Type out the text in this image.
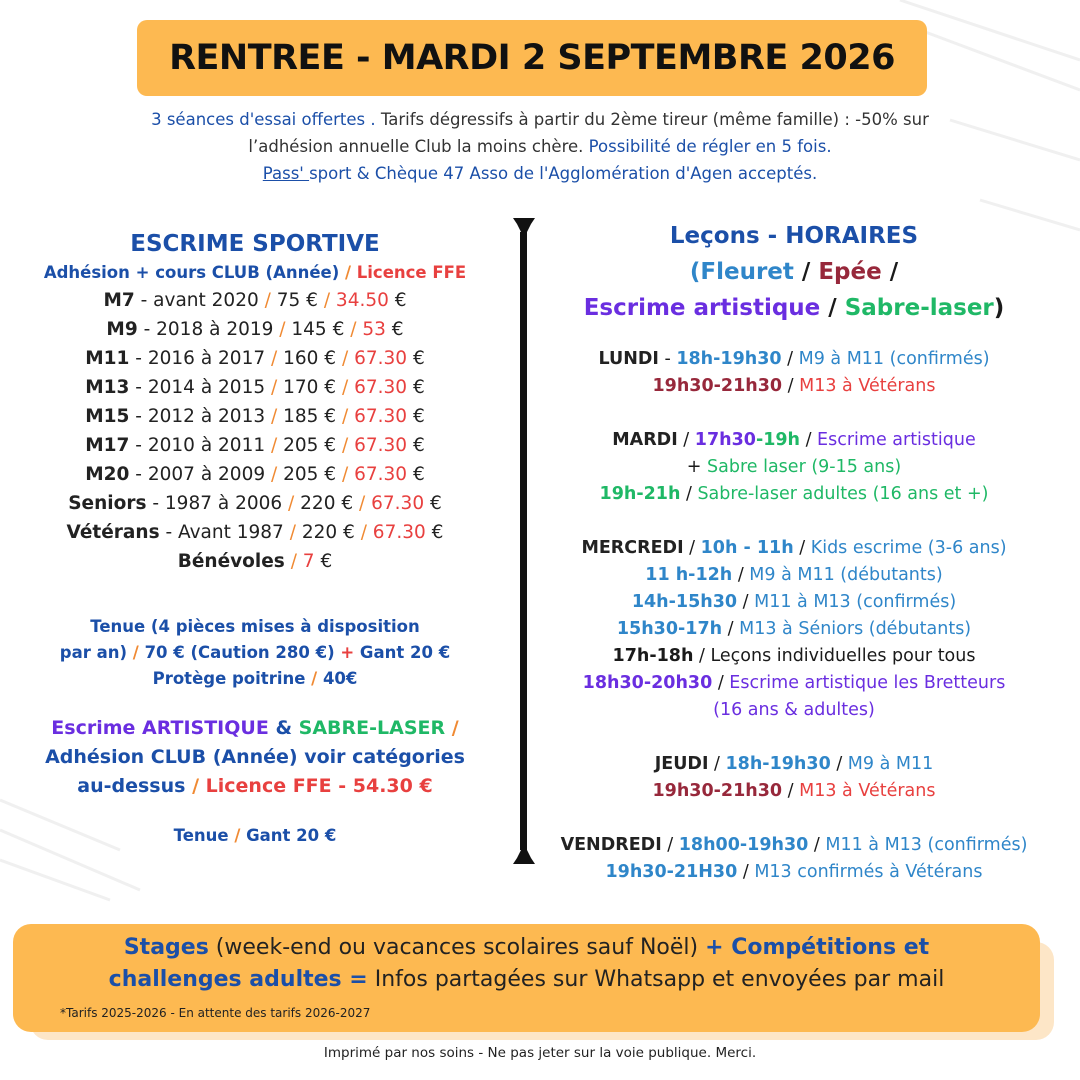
RENTREE - MARDI 2 SEPTEMBRE 2026
3 séances d'essai offertes . Tarifs dégressifs à partir du 2ème tireur (même famille) : -50% sur
l’adhésion annuelle Club la moins chère. Possibilité de régler en 5 fois.
Pass' sport & Chèque 47 Asso de l'Agglomération d'Agen acceptés.
ESCRIME SPORTIVE
Adhésion + cours CLUB (Année) / Licence FFE
M7 - avant 2020 / 75 € / 34.50 €
M9 - 2018 à 2019 / 145 € / 53 €
M11 - 2016 à 2017 / 160 € / 67.30 €
M13 - 2014 à 2015 / 170 € / 67.30 €
M15 - 2012 à 2013 / 185 € / 67.30 €
M17 - 2010 à 2011 / 205 € / 67.30 €
M20 - 2007 à 2009 / 205 € / 67.30 €
Seniors - 1987 à 2006 / 220 € / 67.30 €
Vétérans - Avant 1987 / 220 € / 67.30 €
Bénévoles / 7 €
Tenue (4 pièces mises à disposition
par an) / 70 € (Caution 280 €) + Gant 20 €
Protège poitrine / 40€
Escrime ARTISTIQUE & SABRE-LASER /
Adhésion CLUB (Année) voir catégories
au-dessus / Licence FFE - 54.30 €
Tenue / Gant 20 €
Leçons - HORAIRES
(Fleuret / Epée /
Escrime artistique / Sabre-laser)
LUNDI - 18h-19h30 / M9 à M11 (confirmés)
19h30-21h30 / M13 à Vétérans
MARDI / 17h30-19h / Escrime artistique
+ Sabre laser (9-15 ans)
19h-21h / Sabre-laser adultes (16 ans et +)
MERCREDI / 10h - 11h / Kids escrime (3-6 ans)
11 h-12h / M9 à M11 (débutants)
14h-15h30 / M11 à M13 (confirmés)
15h30-17h / M13 à Séniors (débutants)
17h-18h / Leçons individuelles pour tous
18h30-20h30 / Escrime artistique les Bretteurs
(16 ans & adultes)
JEUDI / 18h-19h30 / M9 à M11
19h30-21h30 / M13 à Vétérans
VENDREDI / 18h00-19h30 / M11 à M13 (confirmés)
19h30-21H30 / M13 confirmés à Vétérans
Stages (week-end ou vacances scolaires sauf Noël) + Compétitions et
challenges adultes = Infos partagées sur Whatsapp et envoyées par mail
*Tarifs 2025-2026 - En attente des tarifs 2026-2027
Imprimé par nos soins - Ne pas jeter sur la voie publique. Merci.
